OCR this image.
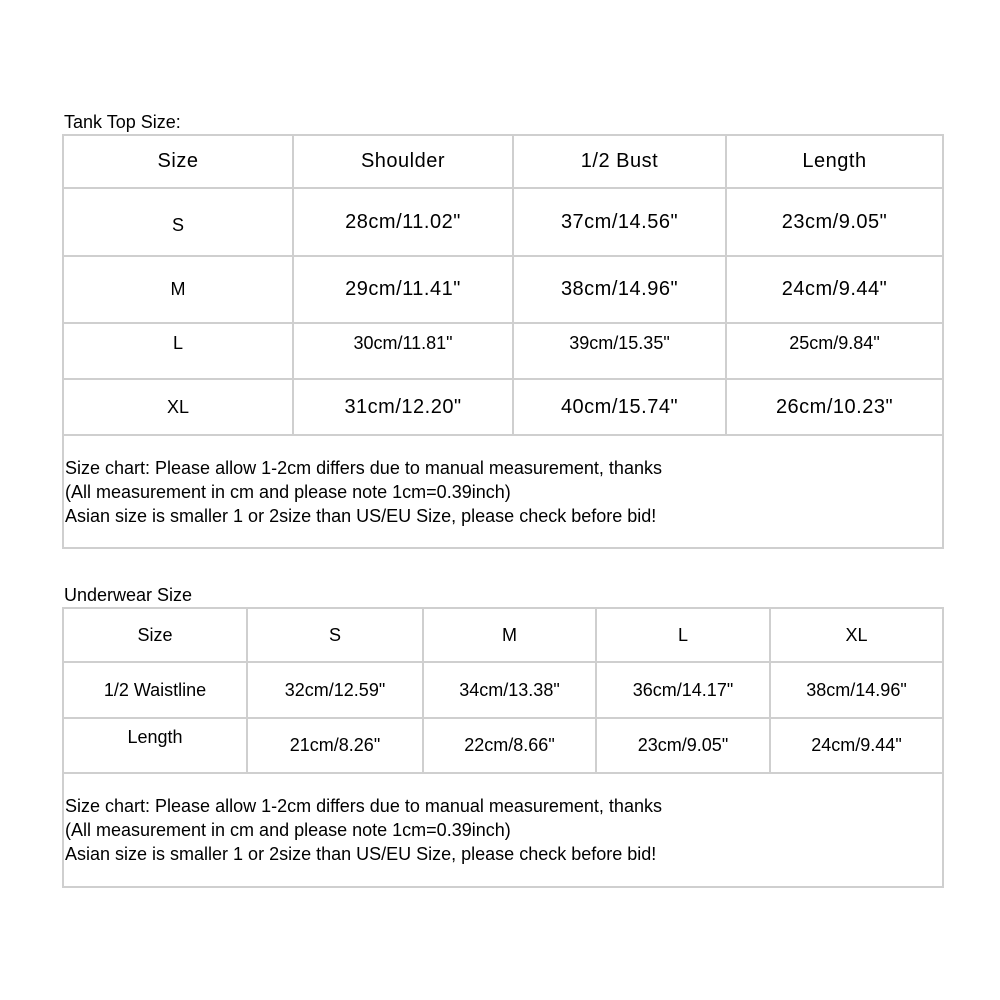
Tank Top Size:
Size	Shoulder	1/2 Bust	Length
S	28cm/11.02"	37cm/14.56"	23cm/9.05"
M	29cm/11.41"	38cm/14.96"	24cm/9.44"
L	30cm/11.81"	39cm/15.35"	25cm/9.84"
XL	31cm/12.20"	40cm/15.74"	26cm/10.23"

Size chart: Please allow 1-2cm differs due to manual measurement, thanks
(All measurement in cm and please note 1cm=0.39inch)
Asian size is smaller 1 or 2size than US/EU Size, please check before bid!			
Underwear Size
Size	S	M	L	XL
1/2 Waistline	32cm/12.59"	34cm/13.38"	36cm/14.17"	38cm/14.96"
Length	21cm/8.26"	22cm/8.66"	23cm/9.05"	24cm/9.44"

Size chart: Please allow 1-2cm differs due to manual measurement, thanks
(All measurement in cm and please note 1cm=0.39inch)
Asian size is smaller 1 or 2size than US/EU Size, please check before bid!				
